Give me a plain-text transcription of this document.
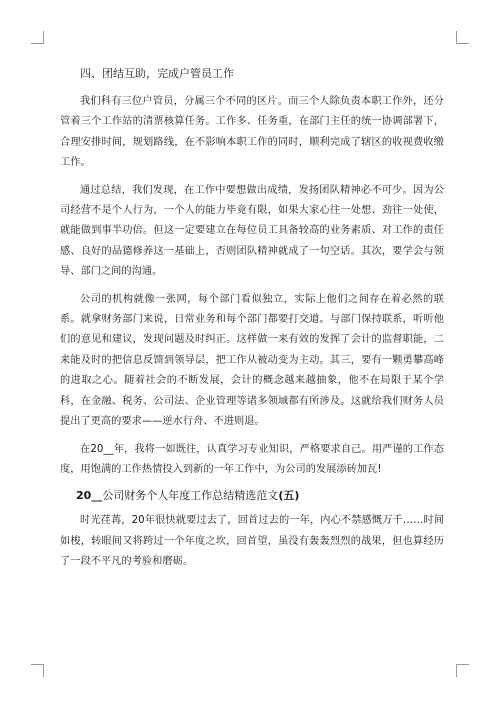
四、团结互助，完成户管员工作

我们科有三位户管员，分属三个不同的区片。而三个人除负责本职工作外，还分管着三个工作站的清票核算任务。工作多、任务重，在部门主任的统一协调部署下，合理安排时间，规划路线，在不影响本职工作的同时，顺利完成了辖区的收视费收缴工作。

通过总结，我们发现，在工作中要想做出成绩，发扬团队精神必不可少。因为公司经营不是个人行为，一个人的能力毕竟有限，如果大家心往一处想、劲往一处使，就能做到事半功倍。但这一定要建立在每位员工具备较高的业务素质、对工作的责任感、良好的品德修养这一基础上，否则团队精神就成了一句空话。其次，要学会与领导、部门之间的沟通。

公司的机构就像一张网，每个部门看似独立，实际上他们之间存在着必然的联系。就拿财务部门来说，日常业务和每个部门都要打交道。与部门保持联系，听听他们的意见和建议，发现问题及时纠正。这样做一来有效的发挥了会计的监督职能，二来能及时的把信息反馈到领导层，把工作从被动变为主动。其三，要有一颗勇攀高峰的进取之心。随着社会的不断发展，会计的概念越来越抽象，他不在局限于某个学科，在金融、税务、公司法、企业管理等诸多领域都有所涉及。这就给我们财务人员提出了更高的要求——逆水行舟、不进则退。

在20__年，我将一如既往，认真学习专业知识，严格要求自己。用严谨的工作态度，用饱满的工作热情投入到新的一年工作中，为公司的发展添砖加瓦!

20__公司财务个人年度工作总结精选范文(五)

时光荏苒，20年很快就要过去了，回首过去的一年，内心不禁感慨万千……时间如梭，转眼间又将跨过一个年度之坎，回首望，虽没有轰轰烈烈的战果，但也算经历了一段不平凡的考验和磨砺。
